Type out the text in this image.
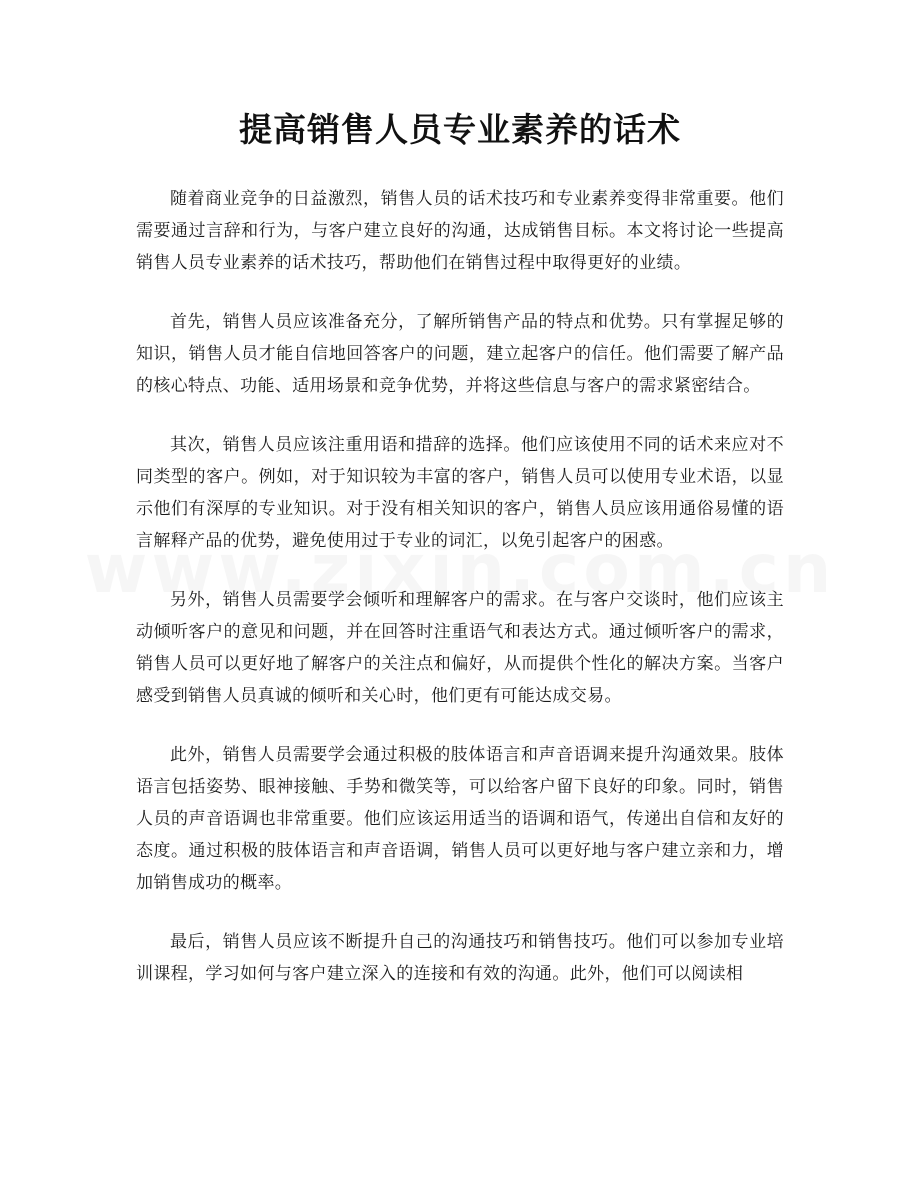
提高销售人员专业素养的话术

随着商业竞争的日益激烈，销售人员的话术技巧和专业素养变得非常重要。他们需要通过言辞和行为，与客户建立良好的沟通，达成销售目标。本文将讨论一些提高销售人员专业素养的话术技巧，帮助他们在销售过程中取得更好的业绩。

首先，销售人员应该准备充分，了解所销售产品的特点和优势。只有掌握足够的知识，销售人员才能自信地回答客户的问题，建立起客户的信任。他们需要了解产品的核心特点、功能、适用场景和竞争优势，并将这些信息与客户的需求紧密结合。

其次，销售人员应该注重用语和措辞的选择。他们应该使用不同的话术来应对不同类型的客户。例如，对于知识较为丰富的客户，销售人员可以使用专业术语，以显示他们有深厚的专业知识。对于没有相关知识的客户，销售人员应该用通俗易懂的语言解释产品的优势，避免使用过于专业的词汇，以免引起客户的困惑。

另外，销售人员需要学会倾听和理解客户的需求。在与客户交谈时，他们应该主动倾听客户的意见和问题，并在回答时注重语气和表达方式。通过倾听客户的需求，销售人员可以更好地了解客户的关注点和偏好，从而提供个性化的解决方案。当客户感受到销售人员真诚的倾听和关心时，他们更有可能达成交易。

此外，销售人员需要学会通过积极的肢体语言和声音语调来提升沟通效果。肢体语言包括姿势、眼神接触、手势和微笑等，可以给客户留下良好的印象。同时，销售人员的声音语调也非常重要。他们应该运用适当的语调和语气，传递出自信和友好的态度。通过积极的肢体语言和声音语调，销售人员可以更好地与客户建立亲和力，增加销售成功的概率。

最后，销售人员应该不断提升自己的沟通技巧和销售技巧。他们可以参加专业培训课程，学习如何与客户建立深入的连接和有效的沟通。此外，他们可以阅读相
